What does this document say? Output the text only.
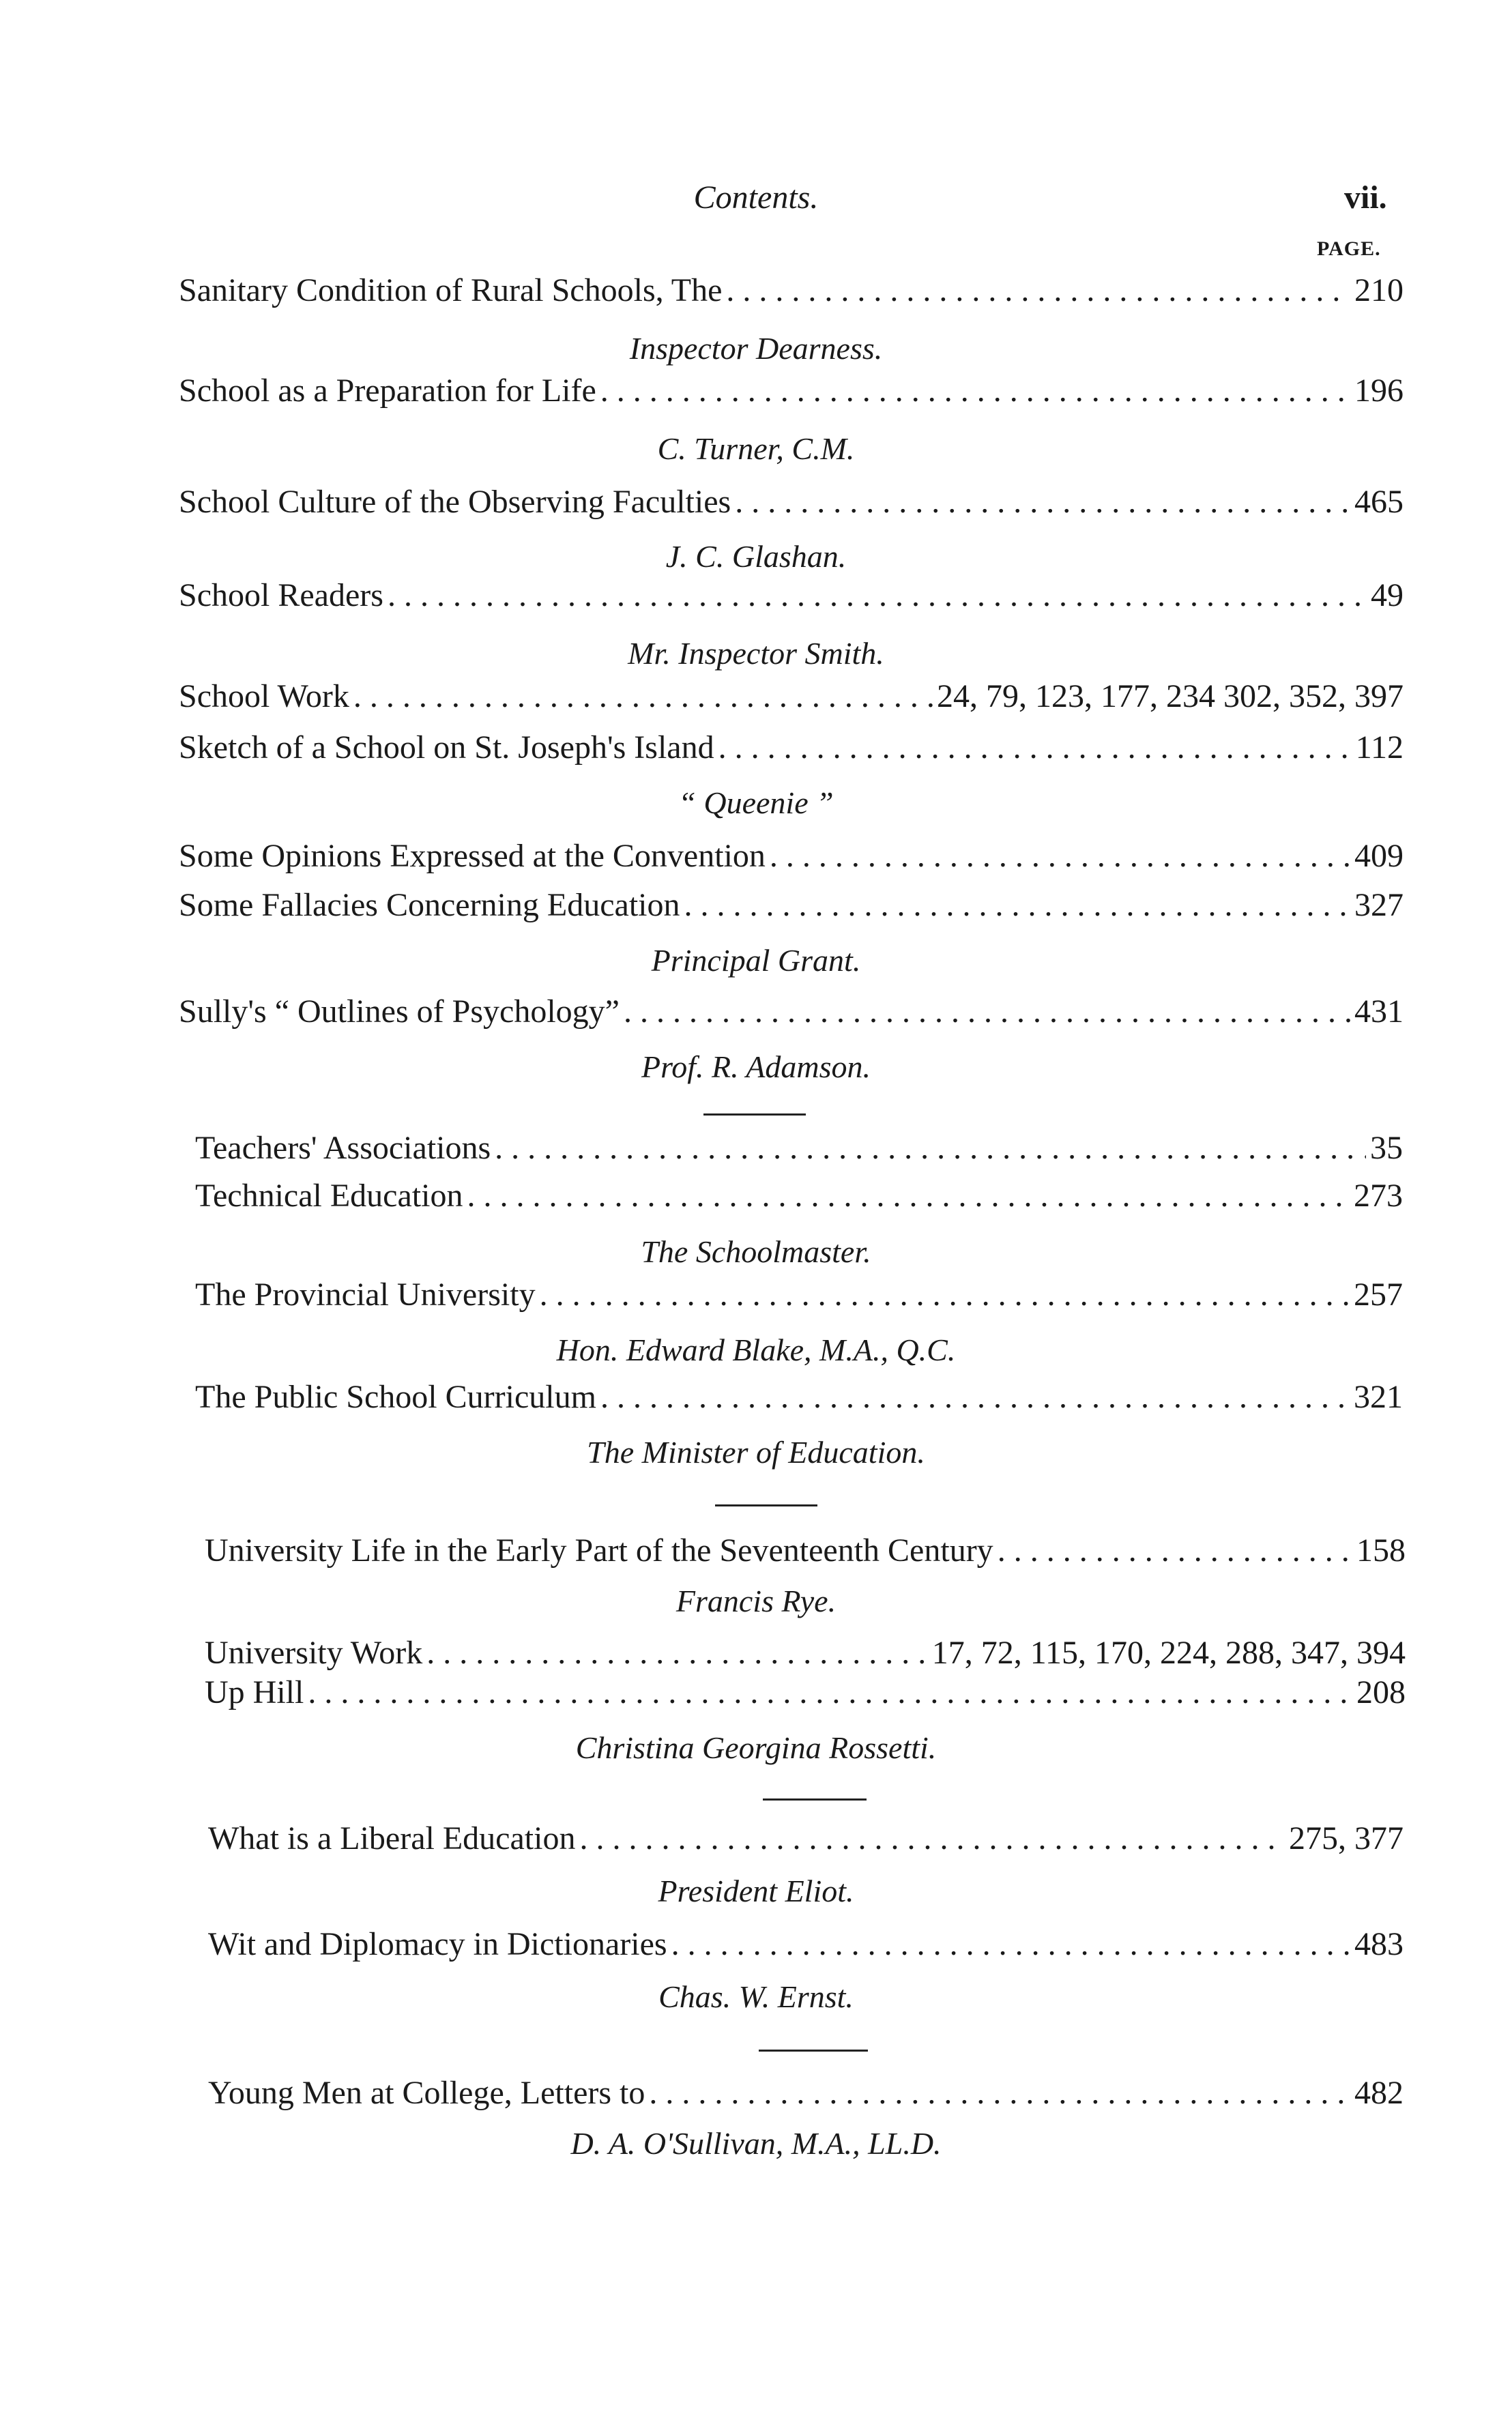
Contents.	vii.
PAGE.
Sanitary Condition of Rural Schools, The . . .	210
Inspector Dearness.
School as a Preparation for Life . . .	196
C. Turner, C.M.
School Culture of the Observing Faculties . . .	465
J. C. Glashan.
School Readers . . .	49
Mr. Inspector Smith.
School Work . . .	24, 79, 123, 177, 234 302, 352, 397
Sketch of a School on St. Joseph's Island . . .	112
“ Queenie ”
Some Opinions Expressed at the Convention . . .	409
Some Fallacies Concerning Education . . .	327
Principal Grant.
Sully's “ Outlines of Psychology” . . .	431
Prof. R. Adamson.
Teachers' Associations . . .	35
Technical Education . . .	273
The Schoolmaster.
The Provincial University . . .	257
Hon. Edward Blake, M.A., Q.C.
The Public School Curriculum . . .	321
The Minister of Education.
University Life in the Early Part of the Seventeenth Century . . .	158
Francis Rye.
University Work . . .	17, 72, 115, 170, 224, 288, 347, 394
Up Hill . . .	208
Christina Georgina Rossetti.
What is a Liberal Education . . .	275, 377
President Eliot.
Wit and Diplomacy in Dictionaries . . .	483
Chas. W. Ernst.
Young Men at College, Letters to . . .	482
D. A. O'Sullivan, M.A., LL.D.
